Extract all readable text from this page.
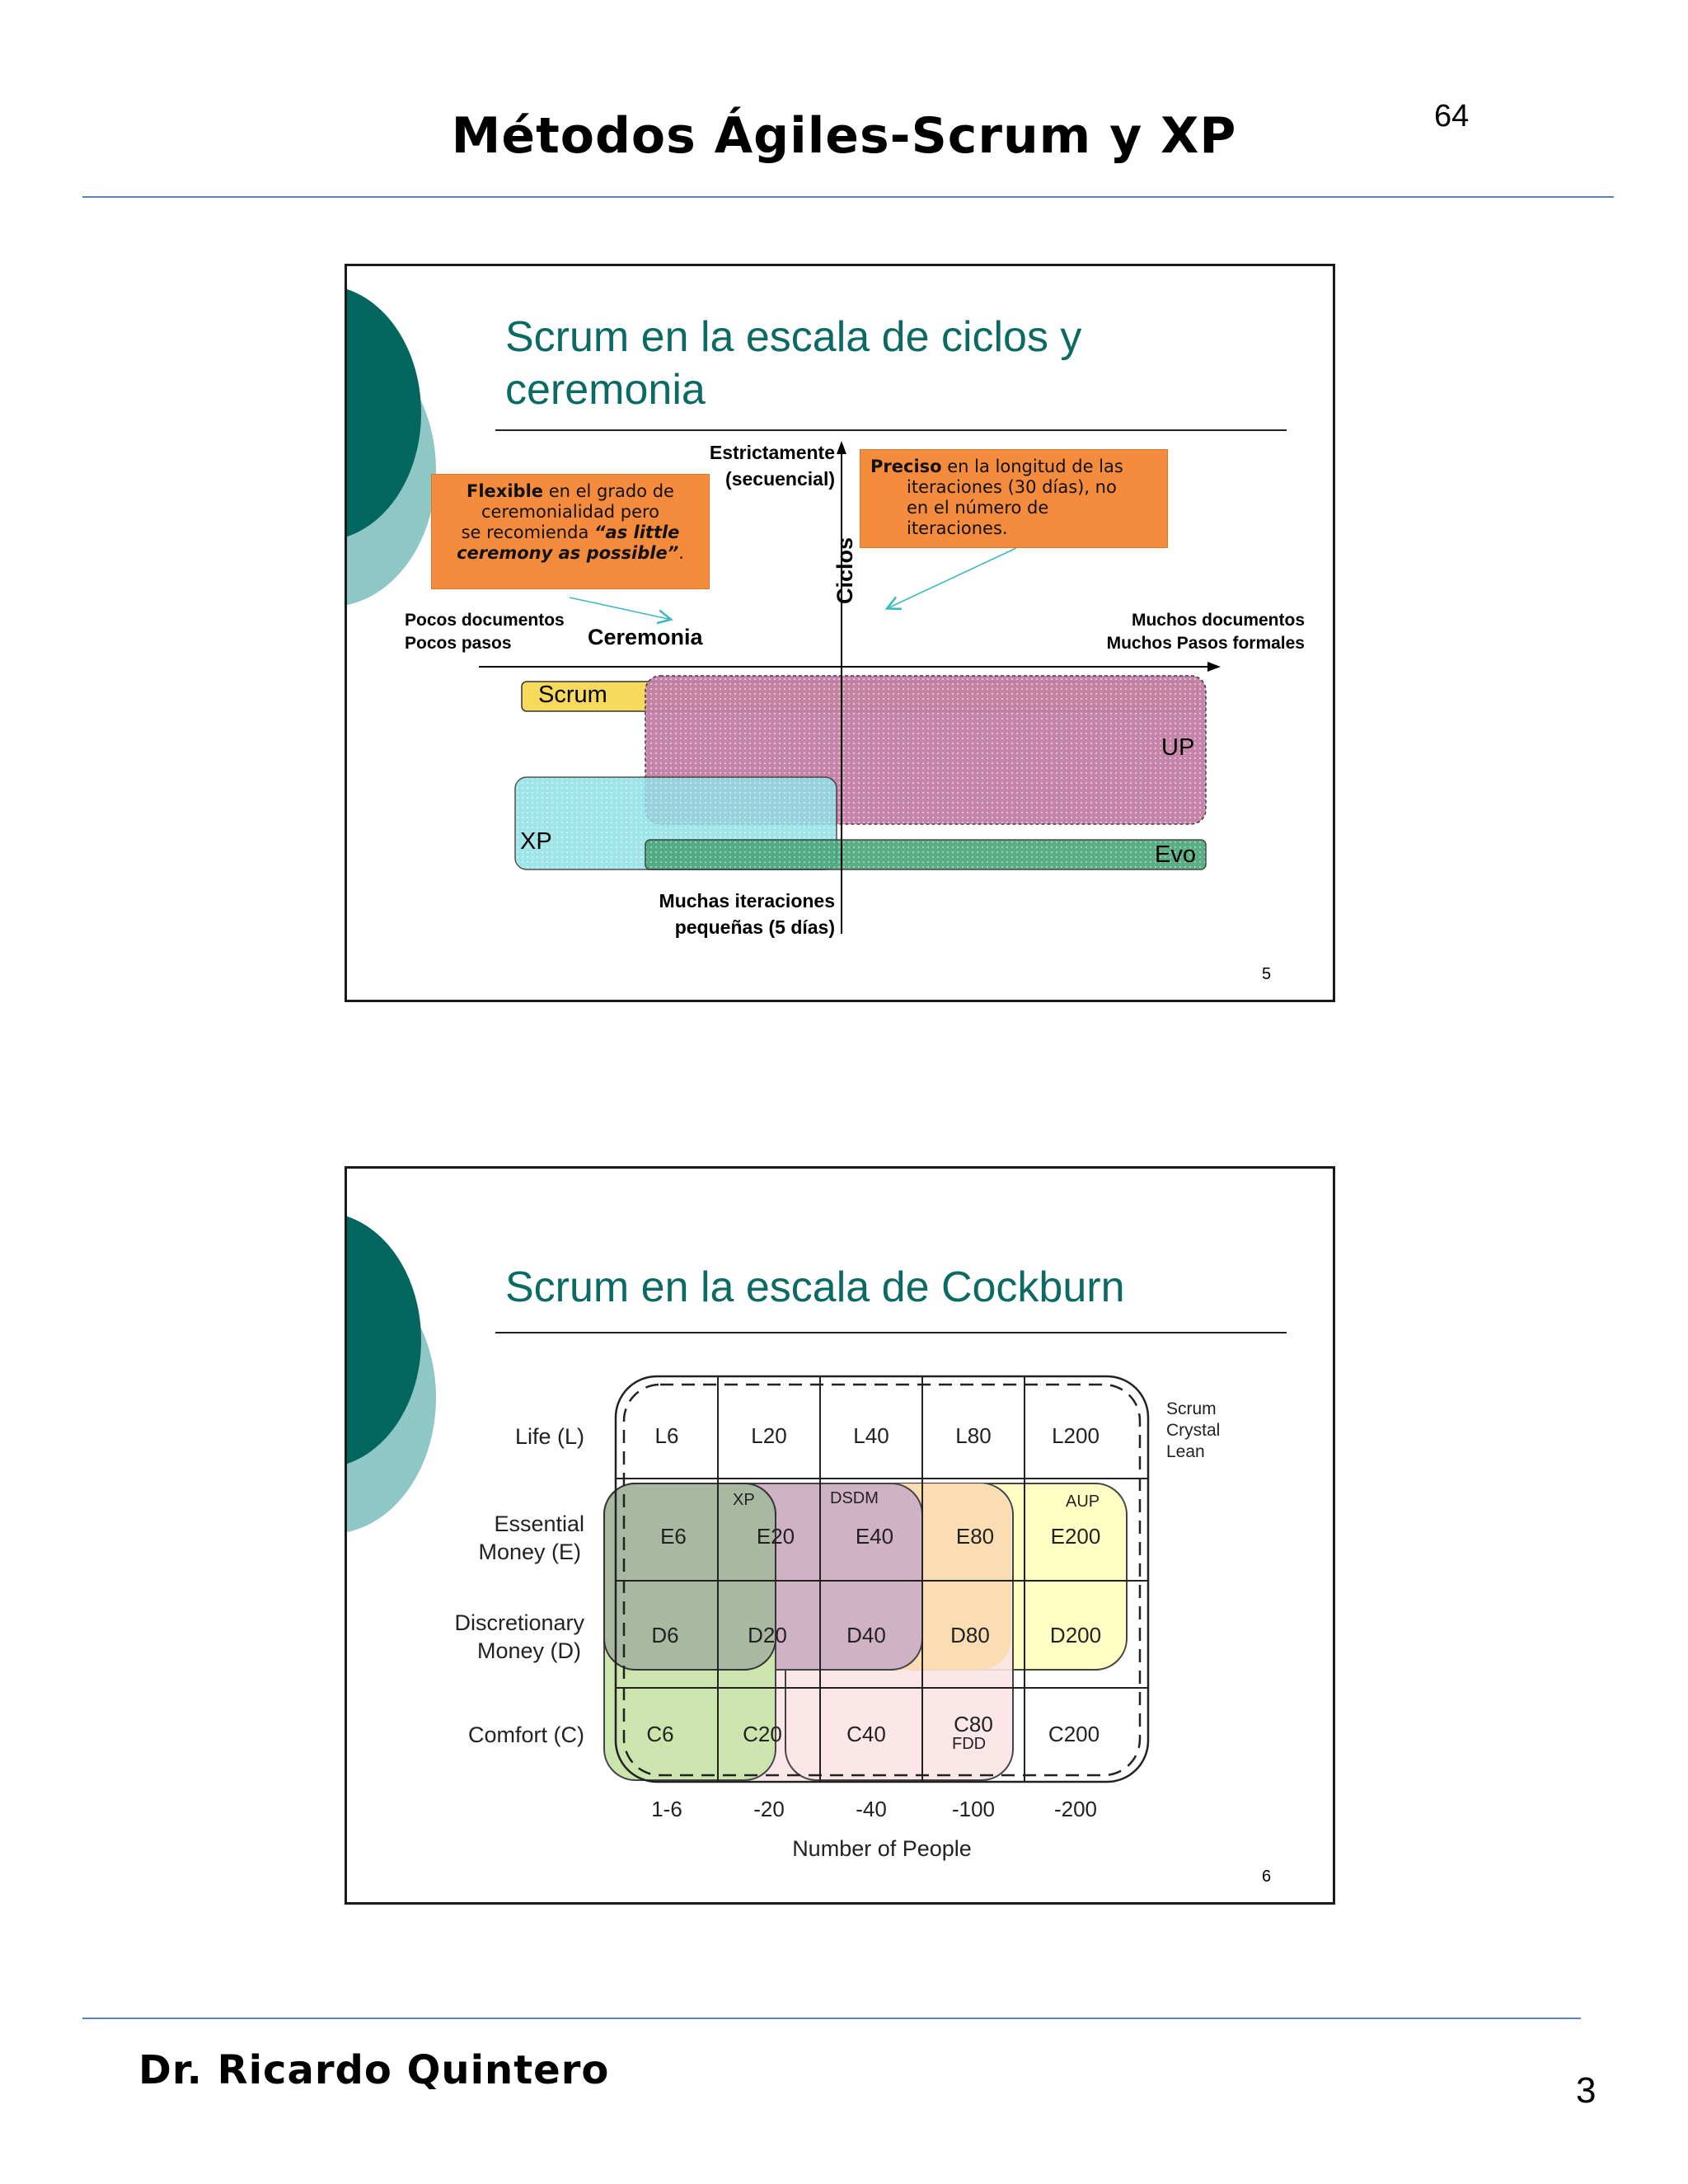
Métodos Ágiles-Scrum y XP	64
Scrum en la escala de ciclos y
ceremonia
Estrictamente
(secuencial)
Flexible en el grado de
ceremonialidad pero
se recomienda “as little ceremony as possible”.
Preciso en la longitud de las
iteraciones (30 días), no
en el número de
iteraciones.
Pocos documentos
Pocos pasos	Ceremonia
Ciclos
Muchos documentos
Muchos Pasos formales
Scrum
UP
XP	Evo
Muchas iteraciones
pequeñas (5 días)
5
Scrum en la escala de Cockburn
L6	L20	L40	L80	L200
E6	E20	E40	E80	E200
D6	D20	D40	D80	D200
C6	C20	C40	C80	C200
Life (L)
Money (E)
Essential
Money (D)
Discretionary
Comfort (C)
1-6	-20	-40	-100	-200
Number of People
XP	DSDM	AUP
FDD
Scrum
Crystal
Lean
6
Dr. Ricardo Quintero	3
